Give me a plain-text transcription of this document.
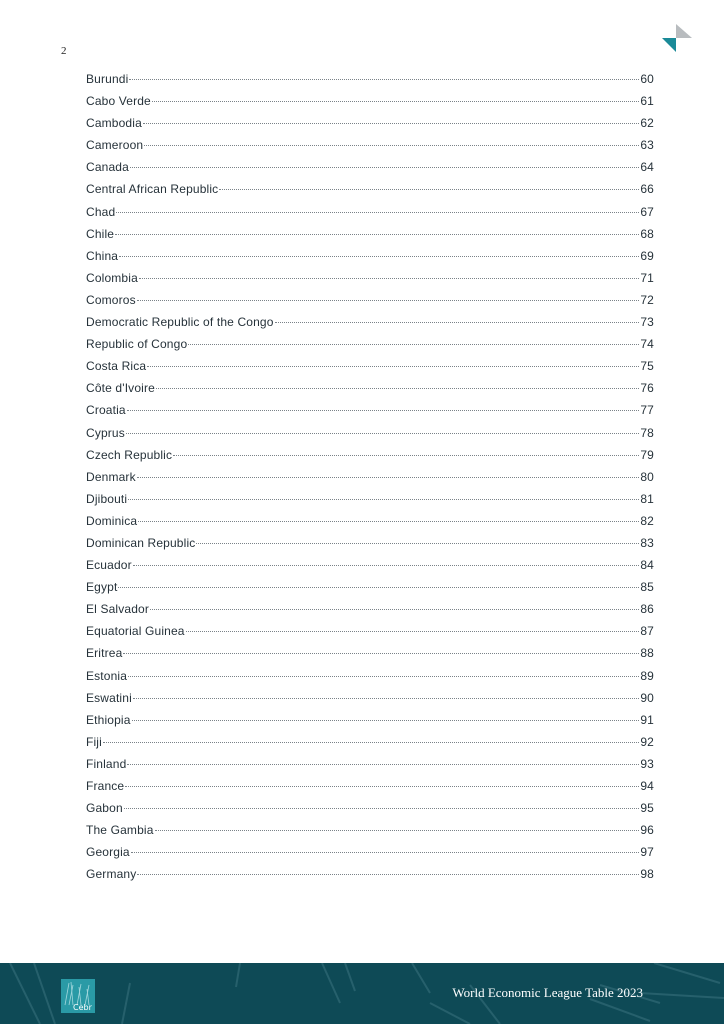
2
Burundi	60
Cabo Verde	61
Cambodia	62
Cameroon	63
Canada	64
Central African Republic	66
Chad	67
Chile	68
China	69
Colombia	71
Comoros	72
Democratic Republic of the Congo	73
Republic of Congo	74
Costa Rica	75
Côte d'Ivoire	76
Croatia	77
Cyprus	78
Czech Republic	79
Denmark	80
Djibouti	81
Dominica	82
Dominican Republic	83
Ecuador	84
Egypt	85
El Salvador	86
Equatorial Guinea	87
Eritrea	88
Estonia	89
Eswatini	90
Ethiopia	91
Fiji	92
Finland	93
France	94
Gabon	95
The Gambia	96
Georgia	97
Germany	98
Cebr
World Economic League Table 2023
